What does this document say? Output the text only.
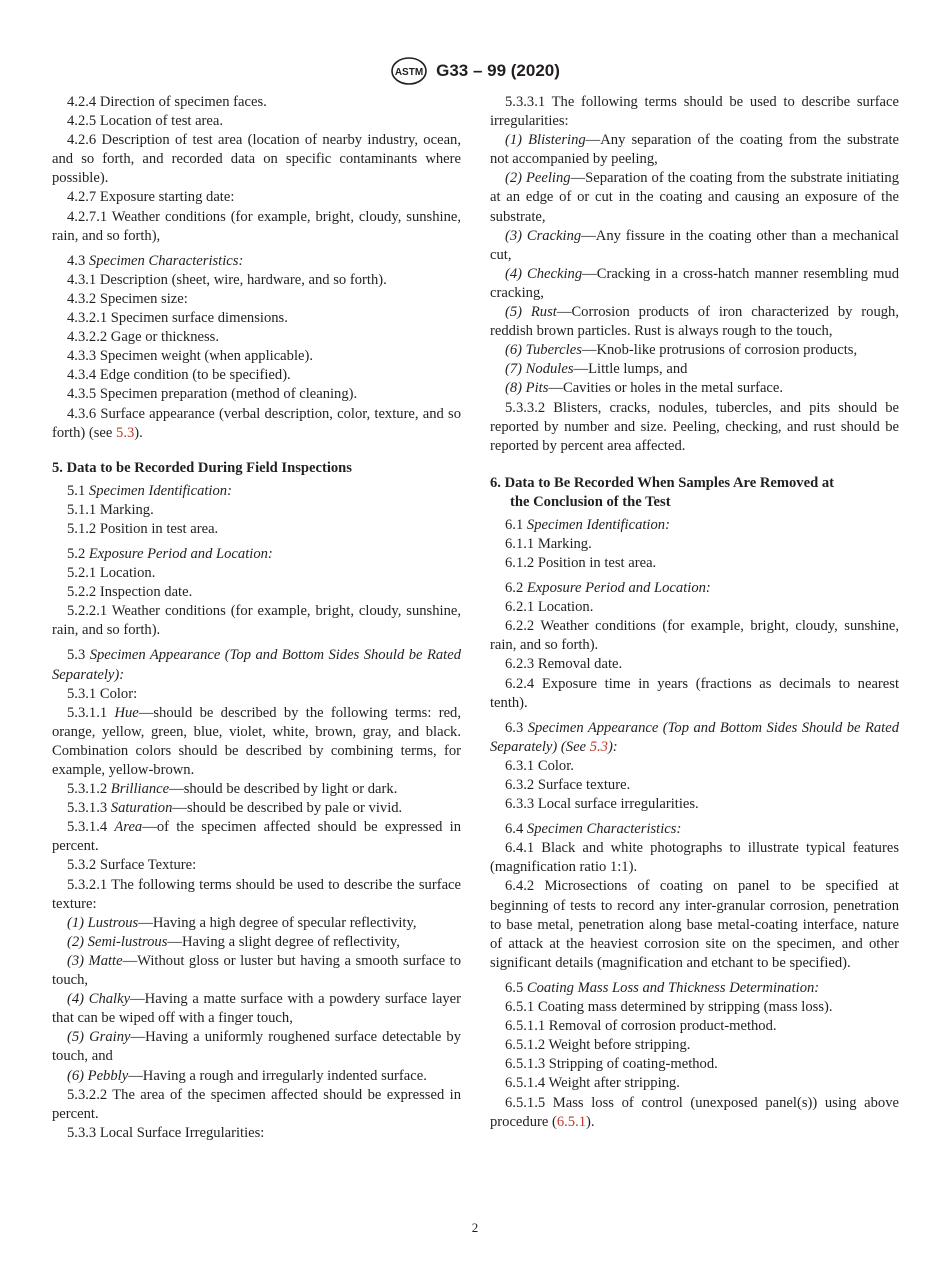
ASTM G33 – 99 (2020)

4.2.4 Direction of specimen faces.

4.2.5 Location of test area.

4.2.6 Description of test area (location of nearby industry, ocean, and so forth, and recorded data on specific contaminants where possible).

4.2.7 Exposure starting date:

4.2.7.1 Weather conditions (for example, bright, cloudy, sunshine, rain, and so forth),

4.3 Specimen Characteristics:

4.3.1 Description (sheet, wire, hardware, and so forth).

4.3.2 Specimen size:

4.3.2.1 Specimen surface dimensions.

4.3.2.2 Gage or thickness.

4.3.3 Specimen weight (when applicable).

4.3.4 Edge condition (to be specified).

4.3.5 Specimen preparation (method of cleaning).

4.3.6 Surface appearance (verbal description, color, texture, and so forth) (see 5.3).

5. Data to be Recorded During Field Inspections

5.1 Specimen Identification:

5.1.1 Marking.

5.1.2 Position in test area.

5.2 Exposure Period and Location:

5.2.1 Location.

5.2.2 Inspection date.

5.2.2.1 Weather conditions (for example, bright, cloudy, sunshine, rain, and so forth).

5.3 Specimen Appearance (Top and Bottom Sides Should be Rated Separately):

5.3.1 Color:

5.3.1.1 Hue—should be described by the following terms: red, orange, yellow, green, blue, violet, white, brown, gray, and black. Combination colors should be described by combining terms, for example, yellow-brown.

5.3.1.2 Brilliance—should be described by light or dark.

5.3.1.3 Saturation—should be described by pale or vivid.

5.3.1.4 Area—of the specimen affected should be expressed in percent.

5.3.2 Surface Texture:

5.3.2.1 The following terms should be used to describe the surface texture:

(1) Lustrous—Having a high degree of specular reflectivity,

(2) Semi-lustrous—Having a slight degree of reflectivity,

(3) Matte—Without gloss or luster but having a smooth surface to touch,

(4) Chalky—Having a matte surface with a powdery surface layer that can be wiped off with a finger touch,

(5) Grainy—Having a uniformly roughened surface detectable by touch, and

(6) Pebbly—Having a rough and irregularly indented surface.

5.3.2.2 The area of the specimen affected should be expressed in percent.

5.3.3 Local Surface Irregularities:

5.3.3.1 The following terms should be used to describe surface irregularities:

(1) Blistering—Any separation of the coating from the substrate not accompanied by peeling,

(2) Peeling—Separation of the coating from the substrate initiating at an edge of or cut in the coating and causing an exposure of the substrate,

(3) Cracking—Any fissure in the coating other than a mechanical cut,

(4) Checking—Cracking in a cross-hatch manner resembling mud cracking,

(5) Rust—Corrosion products of iron characterized by rough, reddish brown particles. Rust is always rough to the touch,

(6) Tubercles—Knob-like protrusions of corrosion products,

(7) Nodules—Little lumps, and

(8) Pits—Cavities or holes in the metal surface.

5.3.3.2 Blisters, cracks, nodules, tubercles, and pits should be reported by number and size. Peeling, checking, and rust should be reported by percent area affected.

6. Data to Be Recorded When Samples Are Removed at
the Conclusion of the Test

6.1 Specimen Identification:

6.1.1 Marking.

6.1.2 Position in test area.

6.2 Exposure Period and Location:

6.2.1 Location.

6.2.2 Weather conditions (for example, bright, cloudy, sunshine, rain, and so forth).

6.2.3 Removal date.

6.2.4 Exposure time in years (fractions as decimals to nearest tenth).

6.3 Specimen Appearance (Top and Bottom Sides Should be Rated Separately) (See 5.3):

6.3.1 Color.

6.3.2 Surface texture.

6.3.3 Local surface irregularities.

6.4 Specimen Characteristics:

6.4.1 Black and white photographs to illustrate typical features (magnification ratio 1:1).

6.4.2 Microsections of coating on panel to be specified at beginning of tests to record any inter-granular corrosion, penetration to base metal, penetration along base metal-coating interface, nature of attack at the heaviest corrosion site on the specimen, and other significant details (magnification and etchant to be specified).

6.5 Coating Mass Loss and Thickness Determination:

6.5.1 Coating mass determined by stripping (mass loss).

6.5.1.1 Removal of corrosion product-method.

6.5.1.2 Weight before stripping.

6.5.1.3 Stripping of coating-method.

6.5.1.4 Weight after stripping.

6.5.1.5 Mass loss of control (unexposed panel(s)) using above procedure (6.5.1).

2
